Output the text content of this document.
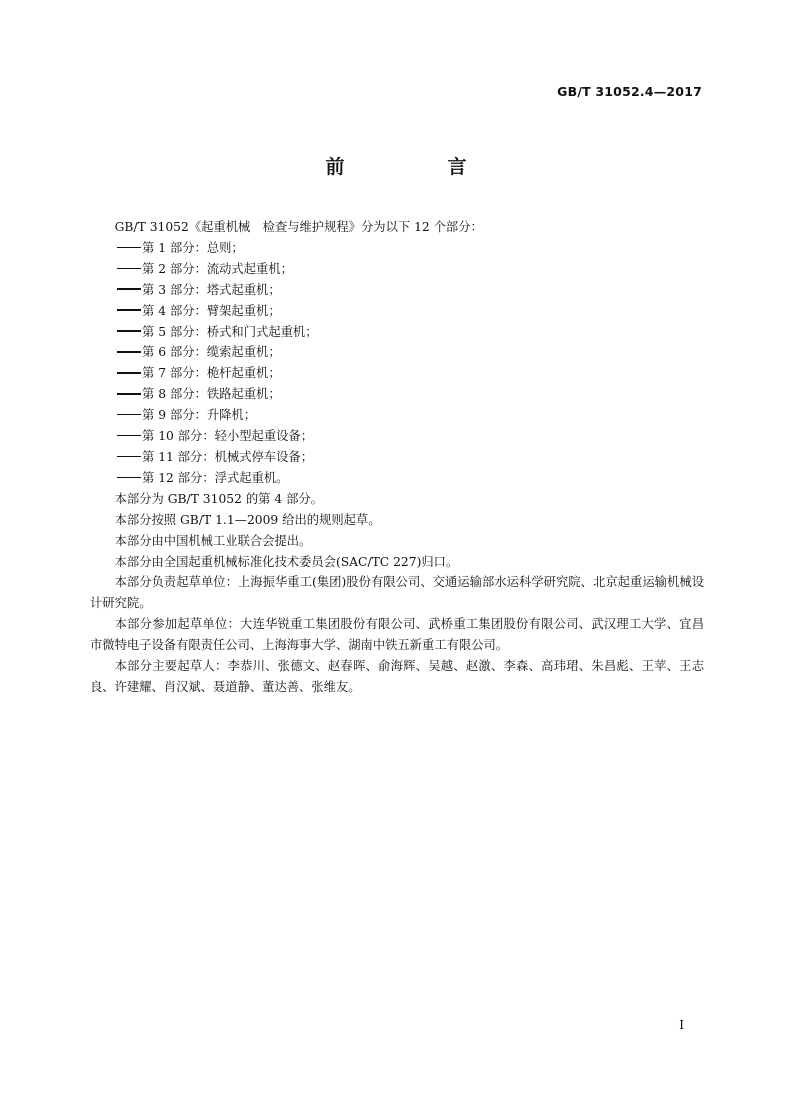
GB/T 31052.4—2017
前　言

GB/T 31052《起重机械　检查与维护规程》分为以下 12 个部分：

第 1 部分：总则；

第 2 部分：流动式起重机；

第 3 部分：塔式起重机；

第 4 部分：臂架起重机；

第 5 部分：桥式和门式起重机；

第 6 部分：缆索起重机；

第 7 部分：桅杆起重机；

第 8 部分：铁路起重机；

第 9 部分：升降机；

第 10 部分：轻小型起重设备；

第 11 部分：机械式停车设备；

第 12 部分：浮式起重机。

本部分为 GB/T 31052 的第 4 部分。

本部分按照 GB/T 1.1—2009 给出的规则起草。

本部分由中国机械工业联合会提出。

本部分由全国起重机械标准化技术委员会(SAC/TC 227)归口。

本部分负责起草单位：上海振华重工(集团)股份有限公司、交通运输部水运科学研究院、北京起重运输机械设计研究院。

本部分参加起草单位：大连华锐重工集团股份有限公司、武桥重工集团股份有限公司、武汉理工大学、宜昌市微特电子设备有限责任公司、上海海事大学、湖南中铁五新重工有限公司。

本部分主要起草人：李恭川、张德文、赵春晖、俞海辉、吴越、赵激、李森、高玮珺、朱昌彪、王苹、王志良、许建耀、肖汉斌、聂道静、董达善、张维友。

I
